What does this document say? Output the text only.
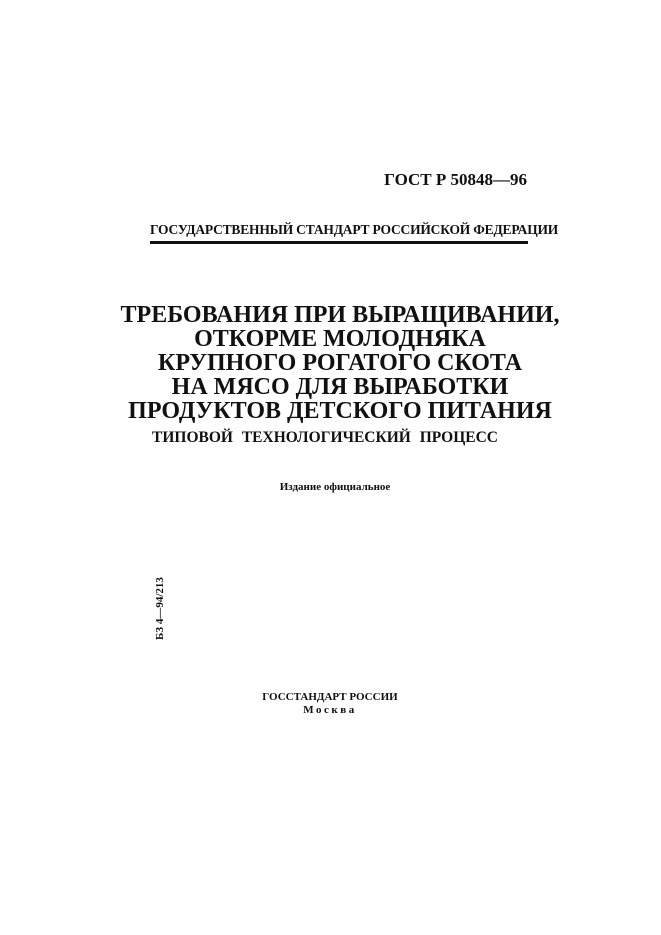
ГОСТ Р 50848—96
ГОСУДАРСТВЕННЫЙ СТАНДАРТ РОССИЙСКОЙ ФЕДЕРАЦИИ
ТРЕБОВАНИЯ ПРИ ВЫРАЩИВАНИИ,
ОТКОРМЕ МОЛОДНЯКА
КРУПНОГО РОГАТОГО СКОТА
НА МЯСО ДЛЯ ВЫРАБОТКИ
ПРОДУКТОВ ДЕТСКОГО ПИТАНИЯ
ТИПОВОЙ ТЕХНОЛОГИЧЕСКИЙ ПРОЦЕСС
Издание официальное
БЗ 4—94/213
ГОССТАНДАРТ РОССИИ
Москва
